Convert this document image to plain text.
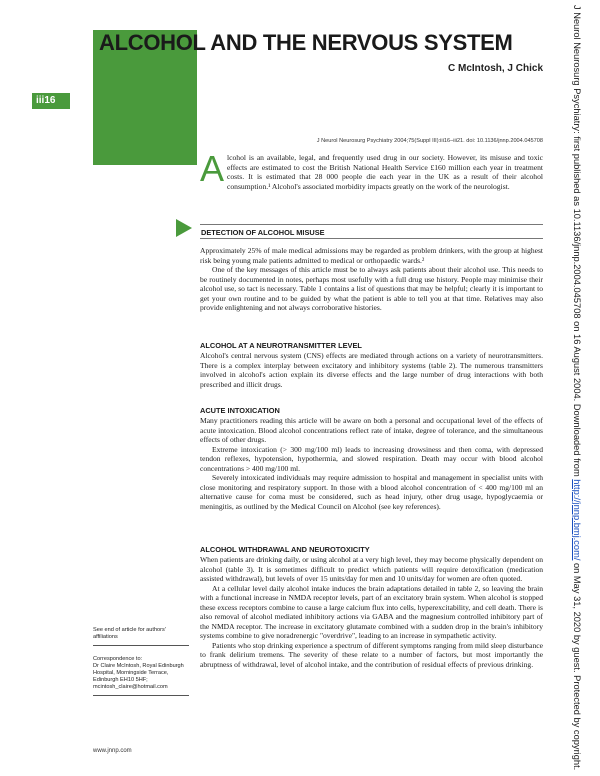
ALCOHOL AND THE NERVOUS SYSTEM
C McIntosh, J Chick
iii16
J Neurol Neurosurg Psychiatry 2004;75(Suppl III):iii16–iii21. doi: 10.1136/jnnp.2004.045708

Alcohol is an available, legal, and frequently used drug in our society. However, its misuse and toxic effects are estimated to cost the British National Health Service £160 million each year in treatment costs. It is estimated that 28 000 people die each year in the UK as a result of their alcohol consumption.¹ Alcohol's associated morbidity impacts greatly on the work of the neurologist.

DETECTION OF ALCOHOL MISUSE

Approximately 25% of male medical admissions may be regarded as problem drinkers, with the group at highest risk being young male patients admitted to medical or orthopaedic wards.²

One of the key messages of this article must be to always ask patients about their alcohol use. This needs to be routinely documented in notes, perhaps most usefully with a full drug use history. People may minimise their alcohol use, so tact is necessary. Table 1 contains a list of questions that may be helpful; clearly it is important to get your own routine and to be guided by what the patient is able to tell you at that time. Relatives may also provide enlightening and not always corroborative histories.

ALCOHOL AT A NEUROTRANSMITTER LEVEL

Alcohol's central nervous system (CNS) effects are mediated through actions on a variety of neurotransmitters. There is a complex interplay between excitatory and inhibitory systems (table 2). The numerous transmitters involved in alcohol's action explain its diverse effects and the large number of drug interactions with both prescribed and illicit drugs.

ACUTE INTOXICATION

Many practitioners reading this article will be aware on both a personal and occupational level of the effects of acute intoxication. Blood alcohol concentrations reflect rate of intake, degree of tolerance, and the simultaneous effects of other drugs.

Extreme intoxication (> 300 mg/100 ml) leads to increasing drowsiness and then coma, with depressed tendon reflexes, hypotension, hypothermia, and slowed respiration. Death may occur with blood alcohol concentrations > 400 mg/100 ml.

Severely intoxicated individuals may require admission to hospital and management in specialist units with close monitoring and respiratory support. In those with a blood alcohol concentration of < 400 mg/100 ml an alternative cause for coma must be considered, such as head injury, other drug usage, hypoglycaemia or meningitis, as outlined by the Medical Council on Alcohol (see key references).

ALCOHOL WITHDRAWAL AND NEUROTOXICITY

When patients are drinking daily, or using alcohol at a very high level, they may become physically dependent on alcohol (table 3). It is sometimes difficult to predict which patients will require detoxification (medication assisted withdrawal), but levels of over 15 units/day for men and 10 units/day for women are often quoted.

At a cellular level daily alcohol intake induces the brain adaptations detailed in table 2, so leaving the brain with a functional increase in NMDA receptor levels, part of an excitatory brain system. When alcohol is stopped these excess receptors combine to cause a large calcium flux into cells, hyperexcitability, and cell death. There is also removal of alcohol mediated inhibitory actions via GABA and the magnesium controlled inhibitory part of the NMDA receptor. The increase in excitatory glutamate combined with a sudden drop in the brain's inhibitory systems combine to give noradrenergic "overdrive", leading to an increase in sympathetic activity.

Patients who stop drinking experience a spectrum of different symptoms ranging from mild sleep disturbance to frank delirium tremens. The severity of these relate to a number of factors, but most importantly the abruptness of withdrawal, level of alcohol intake, and the contribution of residual effects of previous drinking.

See end of article for authors' affiliations
Correspondence to:
Dr Claire McIntosh, Royal Edinburgh Hospital, Morningside Terrace, Edinburgh EH10 5HF; mcintosh_claire@hotmail.com
www.jnnp.com
J Neurol Neurosurg Psychiatry: first published as 10.1136/jnnp.2004.045708 on 16 August 2004. Downloaded from http://jnnp.bmj.com/ on May 31, 2020 by guest. Protected by copyright.
